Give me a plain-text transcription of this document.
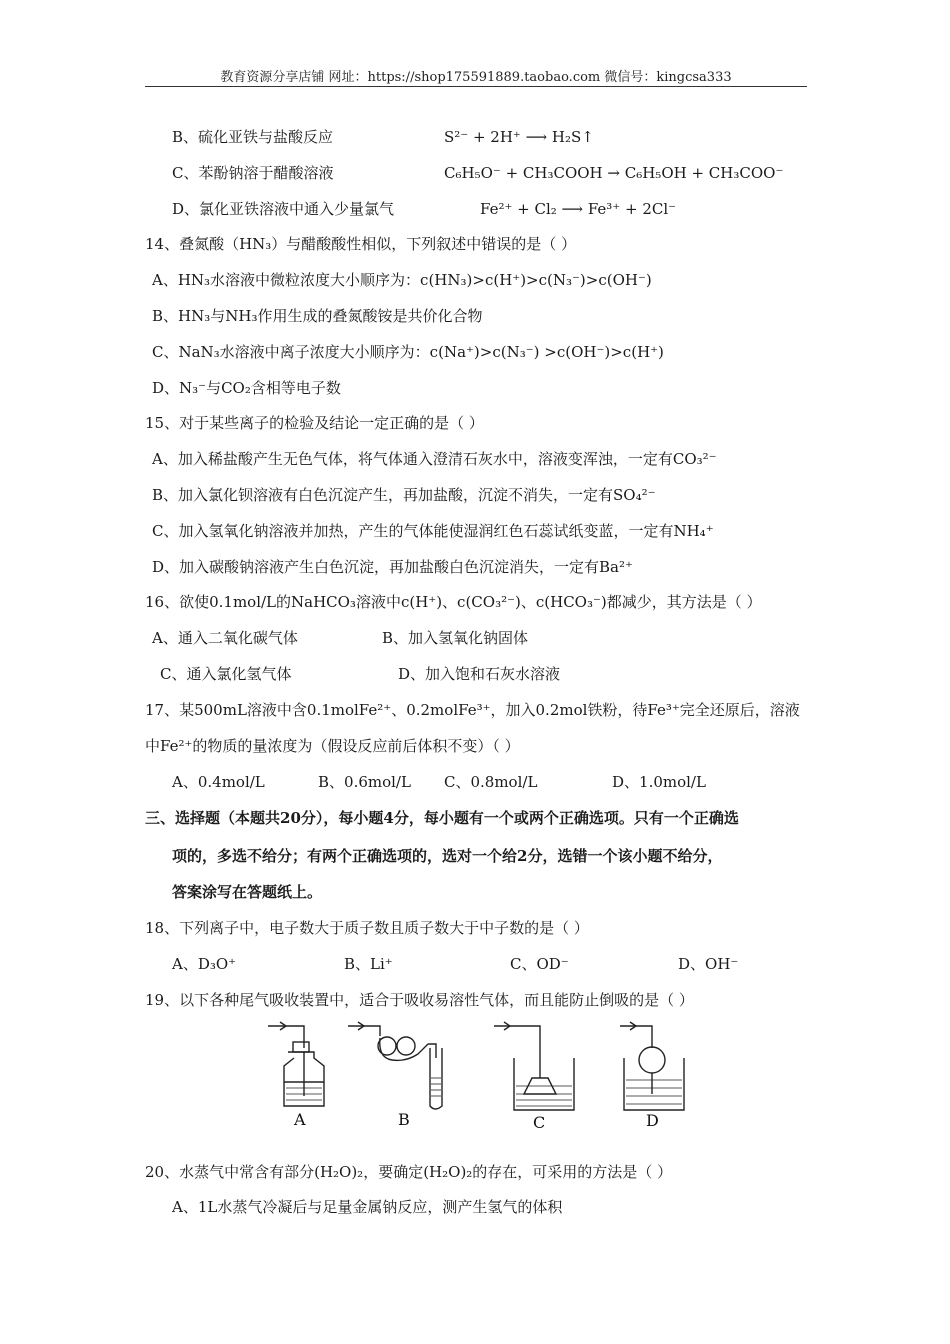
教育资源分享店铺 网址：https://shop175591889.taobao.com 微信号：kingcsa333
B、硫化亚铁与盐酸反应	S²⁻ + 2H⁺ ⟶ H₂S↑
C、苯酚钠溶于醋酸溶液	C₆H₅O⁻ + CH₃COOH → C₆H₅OH + CH₃COO⁻
D、氯化亚铁溶液中通入少量氯气	Fe²⁺ + Cl₂ ⟶ Fe³⁺ + 2Cl⁻
14、叠氮酸（HN₃）与醋酸酸性相似，下列叙述中错误的是（ ）
A、HN₃水溶液中微粒浓度大小顺序为：c(HN₃)>c(H⁺)>c(N₃⁻)>c(OH⁻)
B、HN₃与NH₃作用生成的叠氮酸铵是共价化合物
C、NaN₃水溶液中离子浓度大小顺序为：c(Na⁺)>c(N₃⁻) >c(OH⁻)>c(H⁺)
D、N₃⁻与CO₂含相等电子数
15、对于某些离子的检验及结论一定正确的是（ ）
A、加入稀盐酸产生无色气体，将气体通入澄清石灰水中，溶液变浑浊，一定有CO₃²⁻
B、加入氯化钡溶液有白色沉淀产生，再加盐酸，沉淀不消失，一定有SO₄²⁻
C、加入氢氧化钠溶液并加热，产生的气体能使湿润红色石蕊试纸变蓝，一定有NH₄⁺
D、加入碳酸钠溶液产生白色沉淀，再加盐酸白色沉淀消失，一定有Ba²⁺
16、欲使0.1mol/L的NaHCO₃溶液中c(H⁺)、c(CO₃²⁻)、c(HCO₃⁻)都减少，其方法是（ ）
A、通入二氧化碳气体	B、加入氢氧化钠固体
C、通入氯化氢气体	D、加入饱和石灰水溶液
17、某500mL溶液中含0.1molFe²⁺、0.2molFe³⁺，加入0.2mol铁粉，待Fe³⁺完全还原后，溶液
中Fe²⁺的物质的量浓度为（假设反应前后体积不变）（ ）
A、0.4mol/L	B、0.6mol/L C、0.8mol/L	D、1.0mol/L
三、选择题（本题共20分），每小题4分，每小题有一个或两个正确选项。只有一个正确选
项的，多选不给分；有两个正确选项的，选对一个给2分，选错一个该小题不给分，
答案涂写在答题纸上。
18、下列离子中，电子数大于质子数且质子数大于中子数的是（ ）
A、D₃O⁺	B、Li⁺	C、OD⁻	D、OH⁻
19、以下各种尾气吸收装置中，适合于吸收易溶性气体，而且能防止倒吸的是（ ）
A	B	C	D
20、水蒸气中常含有部分(H₂O)₂，要确定(H₂O)₂的存在，可采用的方法是（ ）
A、1L水蒸气冷凝后与足量金属钠反应，测产生氢气的体积
